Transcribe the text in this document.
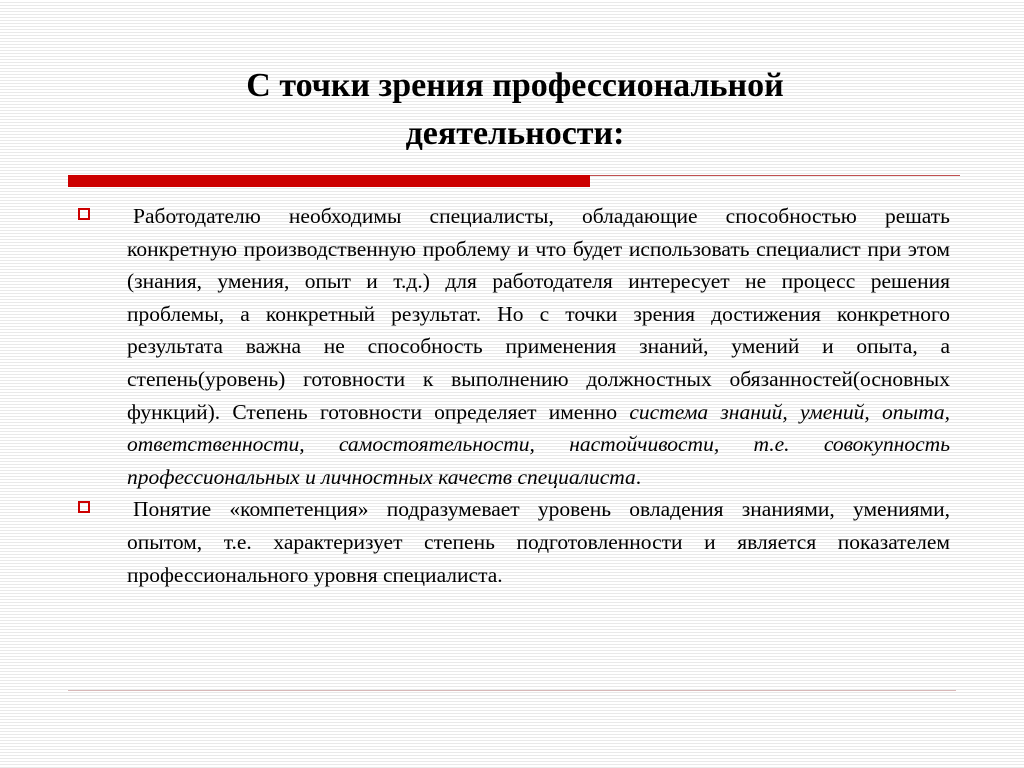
С точки зрения профессиональной
деятельности:
Работодателю необходимы специалисты, обладающие способностью решать конкретную производственную проблему и что будет использовать специалист при этом (знания, умения, опыт и т.д.) для работодателя интересует не процесс решения проблемы, а конкретный результат. Но с точки зрения достижения конкретного результата важна не способность применения знаний, умений и опыта, а степень(уровень) готовности к выполнению должностных обязанностей(основных функций). Степень готовности определяет именно система знаний, умений, опыта, ответственности, самостоятельности, настойчивости, т.е. совокупность профессиональных и личностных качеств специалиста.
Понятие «компетенция» подразумевает уровень овладения знаниями, умениями, опытом, т.е. характеризует степень подготовленности и является показателем профессионального уровня специалиста.
